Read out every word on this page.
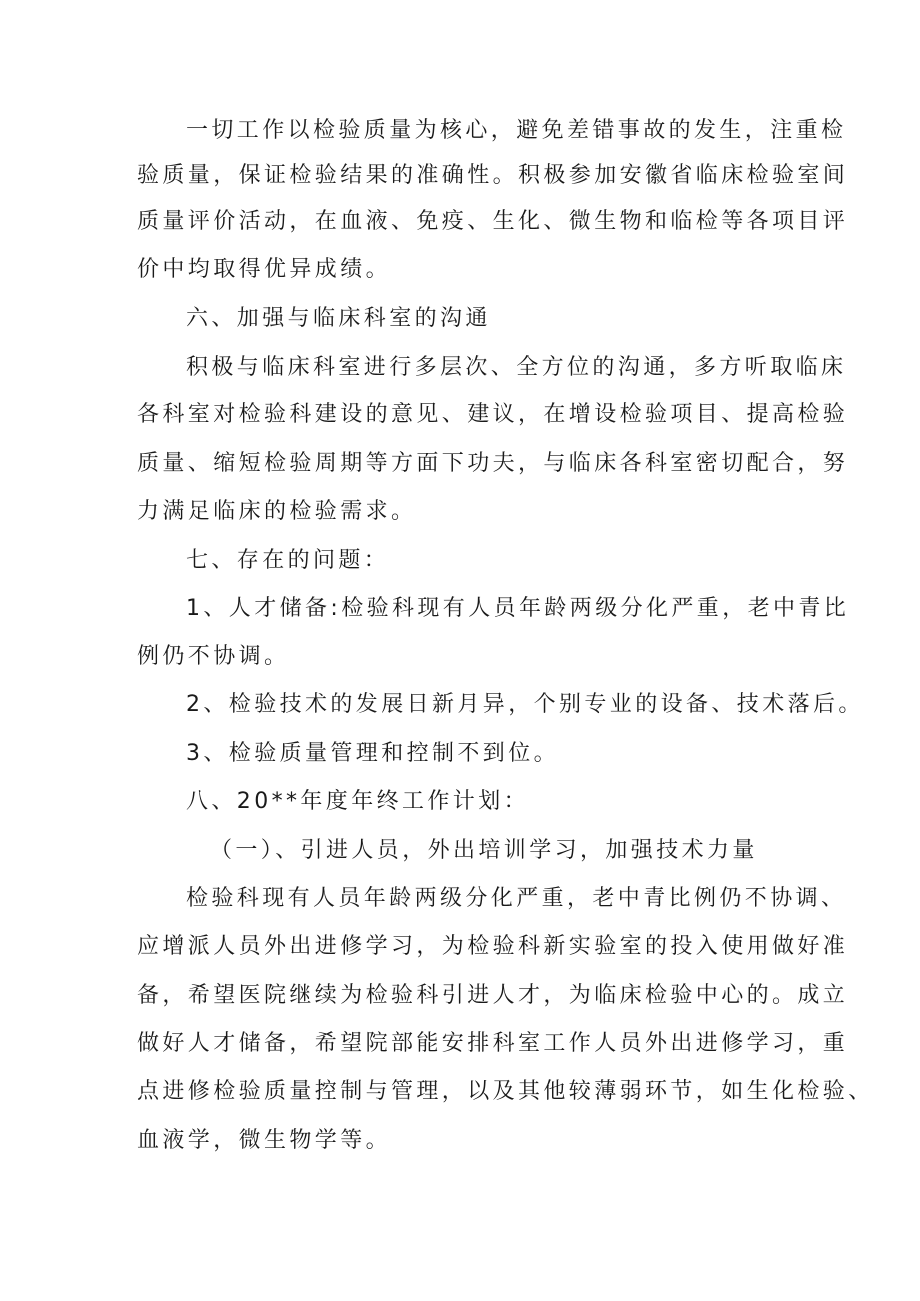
一切工作以检验质量为核心，避免差错事故的发生，注重检

验质量，保证检验结果的准确性。积极参加安徽省临床检验室间

质量评价活动，在血液、免疫、生化、微生物和临检等各项目评

价中均取得优异成绩。

六、加强与临床科室的沟通

积极与临床科室进行多层次、全方位的沟通，多方听取临床

各科室对检验科建设的意见、建议，在增设检验项目、提高检验

质量、缩短检验周期等方面下功夫，与临床各科室密切配合，努

力满足临床的检验需求。

七、存在的问题：

1、人才储备:检验科现有人员年龄两级分化严重，老中青比

例仍不协调。

2、检验技术的发展日新月异，个别专业的设备、技术落后。

3、检验质量管理和控制不到位。

八、20**年度年终工作计划：

（一）、引进人员，外出培训学习，加强技术力量

检验科现有人员年龄两级分化严重，老中青比例仍不协调、

应增派人员外出进修学习，为检验科新实验室的投入使用做好准

备，希望医院继续为检验科引进人才，为临床检验中心的。成立

做好人才储备，希望院部能安排科室工作人员外出进修学习，重

点进修检验质量控制与管理，以及其他较薄弱环节，如生化检验、

血液学，微生物学等。
